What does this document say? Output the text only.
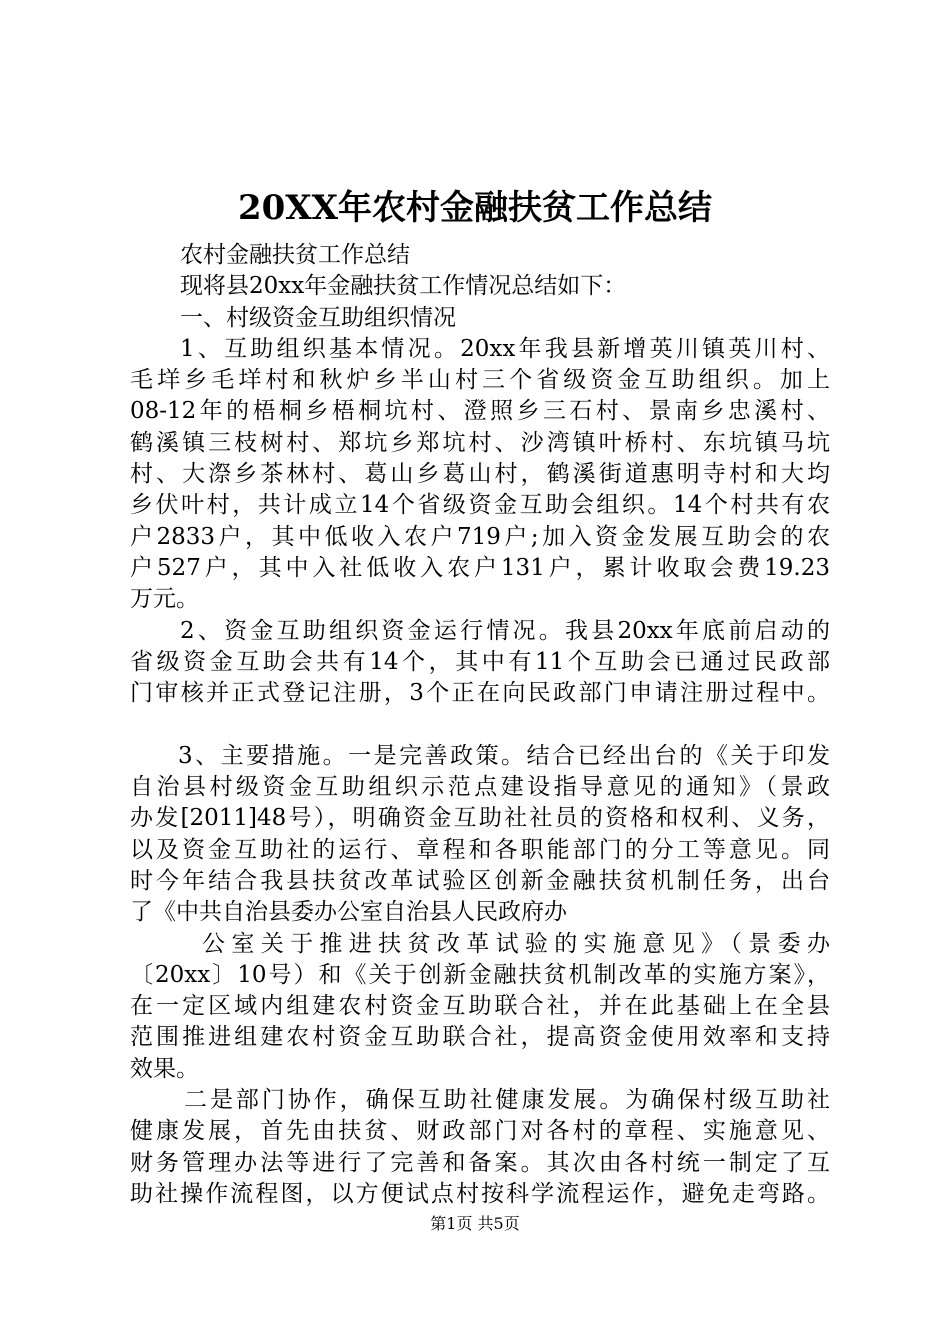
20XX年农村金融扶贫工作总结
农村金融扶贫工作总结
现将县20xx年金融扶贫工作情况总结如下：
一、村级资金互助组织情况
1、互助组织基本情况。20xx年我县新增英川镇英川村、
毛垟乡毛垟村和秋炉乡半山村三个省级资金互助组织。加上
08-12年的梧桐乡梧桐坑村、澄照乡三石村、景南乡忠溪村、
鹤溪镇三枝树村、郑坑乡郑坑村、沙湾镇叶桥村、东坑镇马坑
村、大漈乡茶林村、葛山乡葛山村，鹤溪街道惠明寺村和大均
乡伏叶村，共计成立14个省级资金互助会组织。14个村共有农
户2833户，其中低收入农户719户;加入资金发展互助会的农
户527户，其中入社低收入农户131户，累计收取会费19.23
万元。
2、资金互助组织资金运行情况。我县20xx年底前启动的
省级资金互助会共有14个，其中有11个互助会已通过民政部
门审核并正式登记注册，3个正在向民政部门申请注册过程中。
3、主要措施。一是完善政策。结合已经出台的《关于印发
自治县村级资金互助组织示范点建设指导意见的通知》（景政
办发[2011]48号），明确资金互助社社员的资格和权利、义务，
以及资金互助社的运行、章程和各职能部门的分工等意见。同
时今年结合我县扶贫改革试验区创新金融扶贫机制任务，出台
了《中共自治县委办公室自治县人民政府办
公室关于推进扶贫改革试验的实施意见》（景委办
〔20xx〕10号）和《关于创新金融扶贫机制改革的实施方案》，
在一定区域内组建农村资金互助联合社，并在此基础上在全县
范围推进组建农村资金互助联合社，提高资金使用效率和支持
效果。
二是部门协作，确保互助社健康发展。为确保村级互助社
健康发展，首先由扶贫、财政部门对各村的章程、实施意见、
财务管理办法等进行了完善和备案。其次由各村统一制定了互
助社操作流程图，以方便试点村按科学流程运作，避免走弯路。
第1页 共5页
